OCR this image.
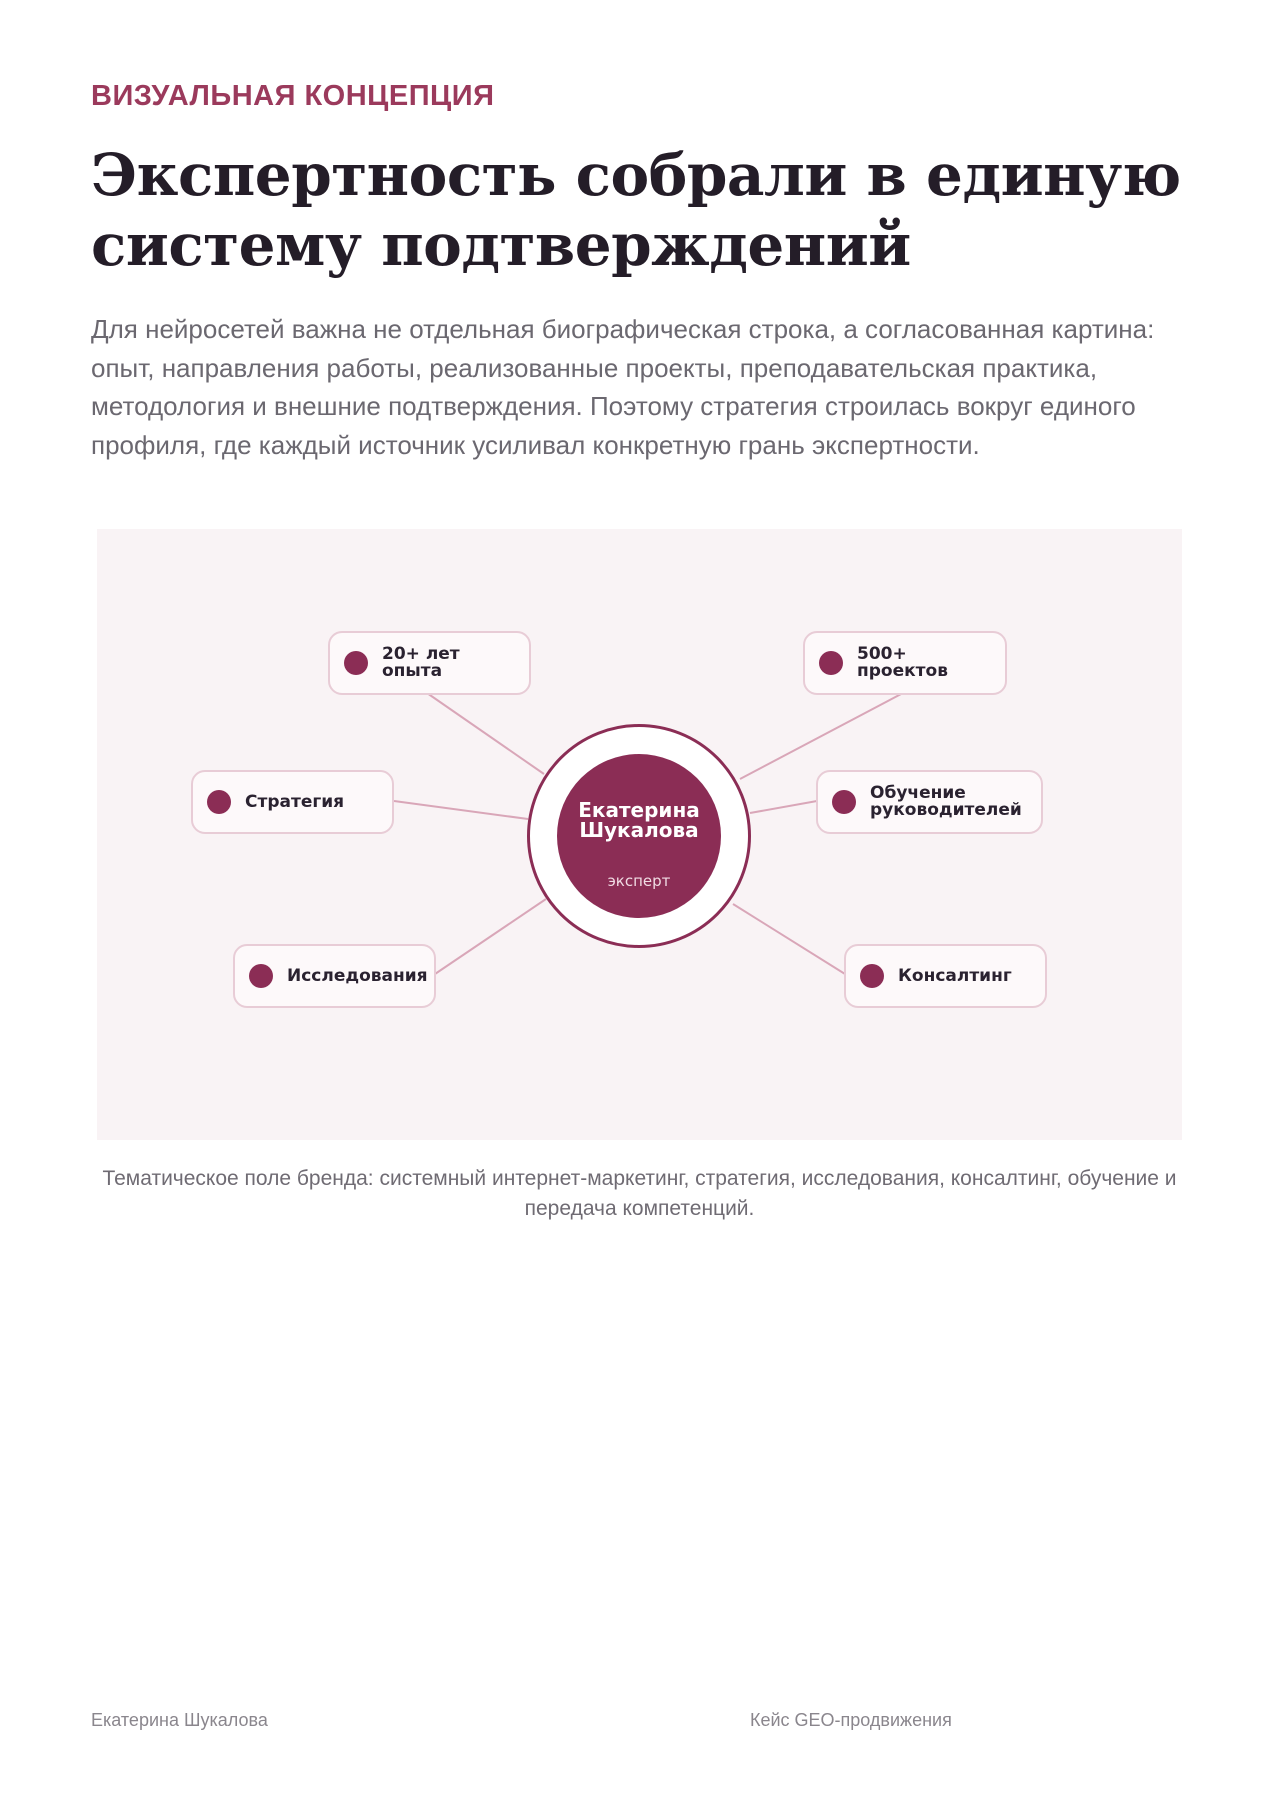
ВИЗУАЛЬНАЯ КОНЦЕПЦИЯ

Экспертность собрали в единую систему подтверждений

Для нейросетей важна не отдельная биографическая строка, а согласованная картина: опыт, направления работы, реализованные проекты, преподавательская практика, методология и внешние подтверждения. Поэтому стратегия строилась вокруг единого профиля, где каждый источник усиливал конкретную грань экспертности.

20+ лет
опыта
500+
проектов
Стратегия	Обучение
руководителей
Исследования	Консалтинг
Екатерина
Шукалова
эксперт

Тематическое поле бренда: системный интернет-маркетинг, стратегия, исследования, консалтинг, обучение и передача компетенций.

Екатерина Шукалова	Кейс GEO-продвижения
